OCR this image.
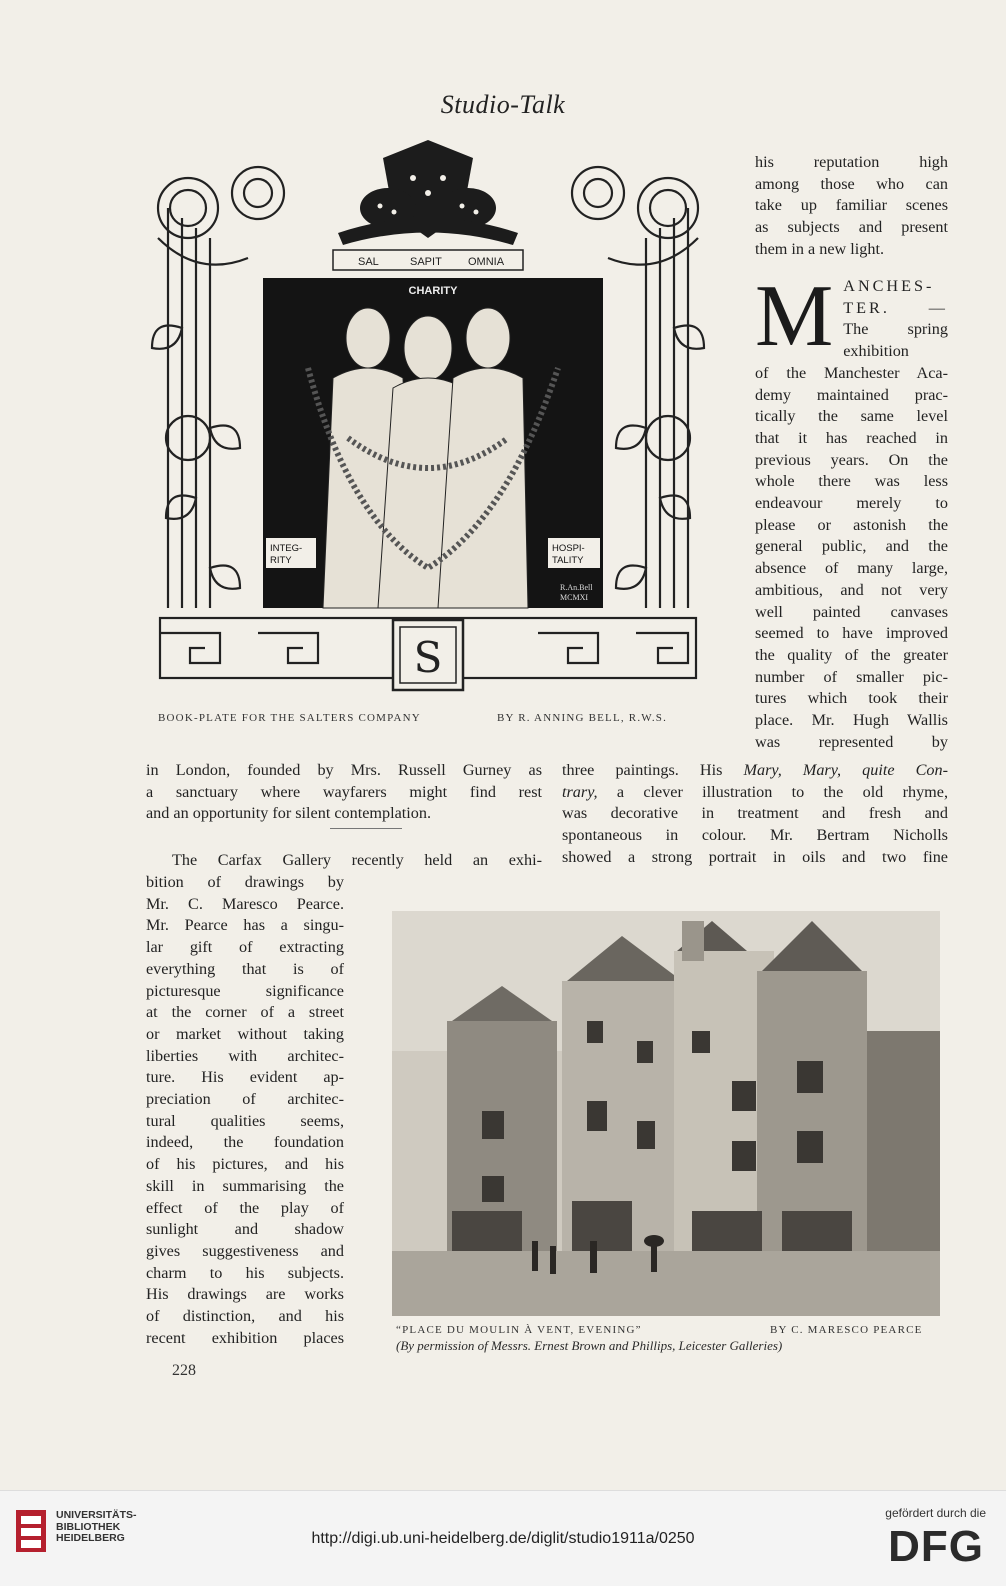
Studio-Talk
SAL	SAPIT OMNIA
CHARITY
INTEG-
RITY
HOSPI-
TALITY
R.An.Bell
MCMXI
S
BOOK-PLATE FOR THE SALTERS COMPANY	BY R. ANNING BELL, R.W.S.
his reputation high
among those who can
take up familiar scenes
as subjects and present
them in a new light.
M ANCHES-
TER. —
The spring
exhibition
of the Manchester Aca-
demy maintained prac-
tically the same level
that it has reached in
previous years. On the
whole there was less
endeavour merely to
please or astonish the
general public, and the
absence of many large,
ambitious, and not very
well painted canvases
seemed to have improved
the quality of the greater
number of smaller pic-
tures which took their
place. Mr. Hugh Wallis
was represented by
three paintings. His Mary, Mary, quite Con-
trary, a clever illustration to the old rhyme,
was decorative in treatment and fresh and
spontaneous in colour. Mr. Bertram Nicholls
showed a strong portrait in oils and two fine
in London, founded by Mrs. Russell Gurney as
a sanctuary where wayfarers might find rest
and an opportunity for silent contemplation.
The Carfax Gallery recently held an exhi-
bition of drawings by
Mr. C. Maresco Pearce.
Mr. Pearce has a singu-
lar gift of extracting
everything that is of
picturesque significance
at the corner of a street
or market without taking
liberties with architec-
ture. His evident ap-
preciation of architec-
tural qualities seems,
indeed, the foundation
of his pictures, and his
skill in summarising the
effect of the play of
sunlight and shadow
gives suggestiveness and
charm to his subjects.
His drawings are works
of distinction, and his
recent exhibition places	“PLACE DU MOULIN À VENT, EVENING”	BY C. MARESCO PEARCE
(By permission of Messrs. Ernest Brown and Phillips, Leicester Galleries)
228
UNIVERSITÄTS-
BIBLIOTHEK
HEIDELBERG	http://digi.ub.uni-heidelberg.de/diglit/studio1911a/0250
gefördert durch die
DFG
